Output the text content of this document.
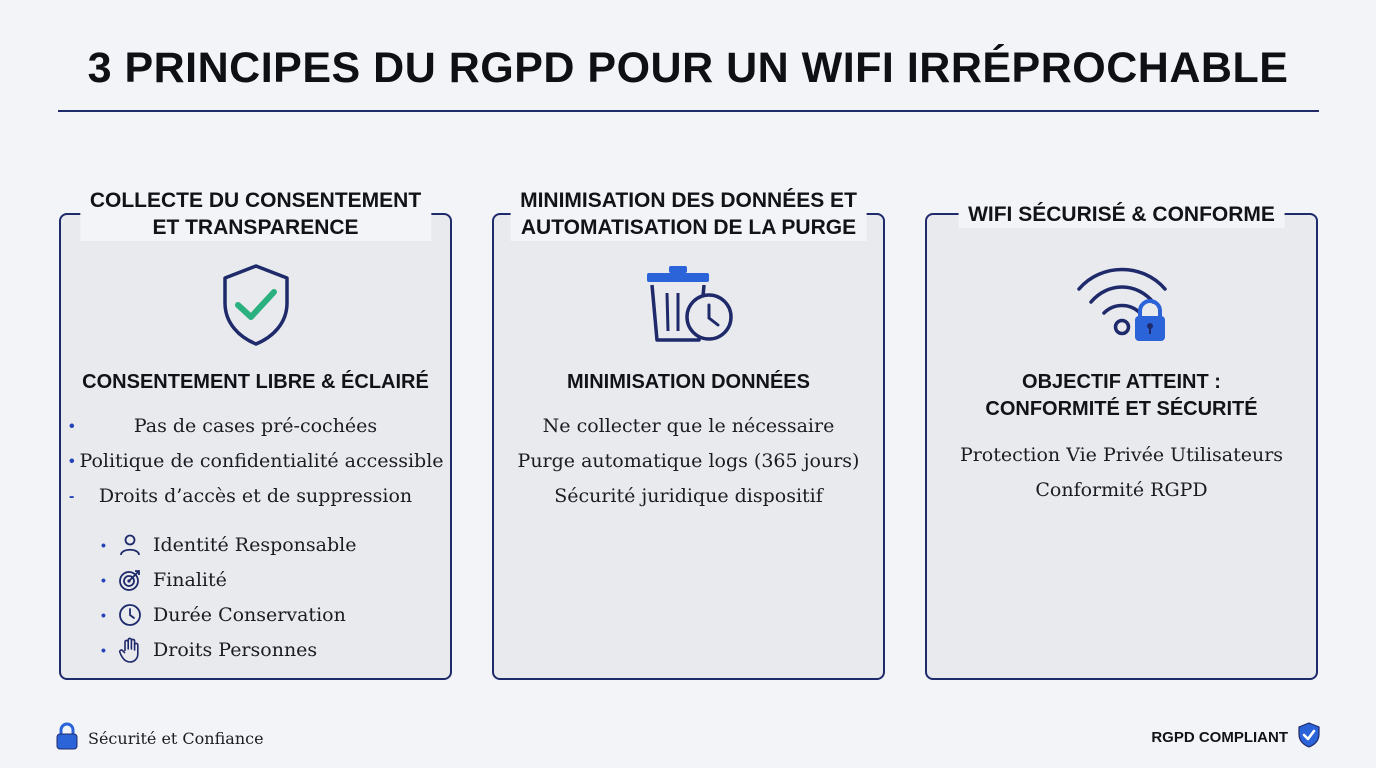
3 PRINCIPES DU RGPD POUR UN WIFI IRRÉPROCHABLE
COLLECTE DU CONSENTEMENT
ET TRANSPARENCE
CONSENTEMENT LIBRE & ÉCLAIRÉ
•	Pas de cases pré-cochées
• Politique de confidentialité accessible
-	Droits d’accès et de suppression
•	Identité Responsable
•	Finalité
•	Durée Conservation
•	Droits Personnes
MINIMISATION DES DONNÉES ET
AUTOMATISATION DE LA PURGE
MINIMISATION DONNÉES
Ne collecter que le nécessaire
Purge automatique logs (365 jours)
Sécurité juridique dispositif
WIFI SÉCURISÉ & CONFORME
OBJECTIF ATTEINT :
CONFORMITÉ ET SÉCURITÉ
Protection Vie Privée Utilisateurs
Conformité RGPD
Sécurité et Confiance	RGPD COMPLIANT
